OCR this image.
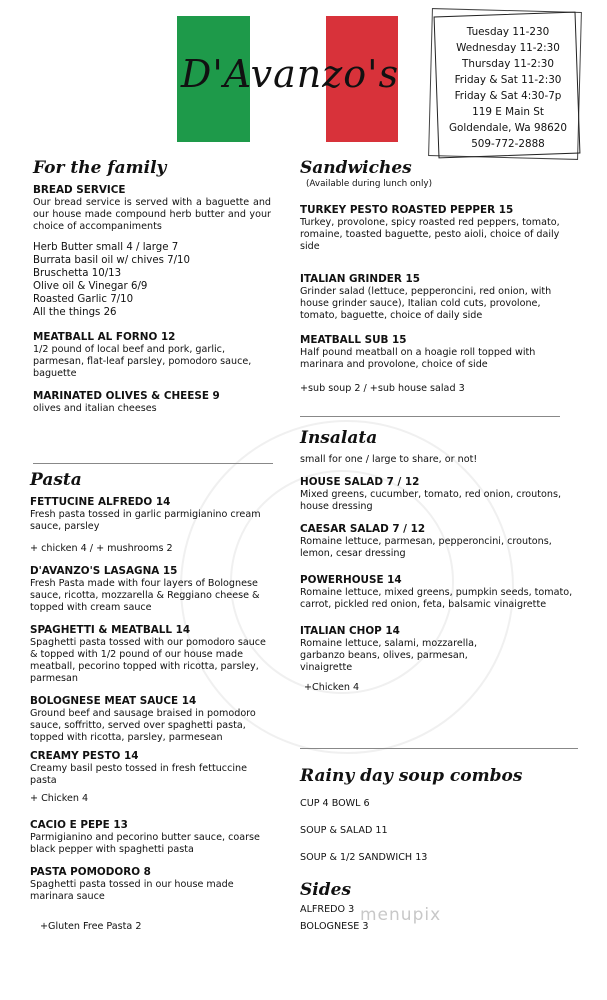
D'Avanzo's
Tuesday 11-230
Wednesday 11-2:30
Thursday 11-2:30
Friday & Sat 11-2:30
Friday & Sat 4:30-7p
119 E Main St
Goldendale, Wa 98620
509-772-2888
For the family
BREAD SERVICE
Our bread service is served with a baguette and our house made compound herb butter and your choice of accompaniments
Herb Butter small 4 / large 7
Burrata basil oil w/ chives 7/10
Bruschetta 10/13
Olive oil & Vinegar 6/9
Roasted Garlic 7/10
All the things 26
MEATBALL AL FORNO 12
1/2 pound of local beef and pork, garlic, parmesan, flat-leaf parsley, pomodoro sauce, baguette
MARINATED OLIVES & CHEESE 9
olives and italian cheeses
Pasta
FETTUCINE ALFREDO 14
Fresh pasta tossed in garlic parmigianino cream sauce, parsley
+ chicken 4 / + mushrooms 2
D'AVANZO'S LASAGNA 15
Fresh Pasta made with four layers of Bolognese sauce, ricotta, mozzarella & Reggiano cheese & topped with cream sauce
SPAGHETTI & MEATBALL 14
Spaghetti pasta tossed with our pomodoro sauce & topped with 1/2 pound of our house made meatball, pecorino topped with ricotta, parsley, parmesan
BOLOGNESE MEAT SAUCE 14
Ground beef and sausage braised in pomodoro sauce, soffritto, served over spaghetti pasta, topped with ricotta, parsley, parmesean
CREAMY PESTO 14
Creamy basil pesto tossed in fresh fettuccine pasta
+ Chicken 4
CACIO E PEPE 13
Parmigianino and pecorino butter sauce, coarse black pepper with spaghetti pasta
PASTA POMODORO 8
Spaghetti pasta tossed in our house made marinara sauce
+Gluten Free Pasta 2
Sandwiches
(Available during lunch only)
TURKEY PESTO ROASTED PEPPER 15
Turkey, provolone, spicy roasted red peppers, tomato, romaine, toasted baguette, pesto aioli, choice of daily side
ITALIAN GRINDER 15
Grinder salad (lettuce, pepperoncini, red onion, with house grinder sauce), Italian cold cuts, provolone, tomato, baguette, choice of daily side
MEATBALL SUB 15
Half pound meatball on a hoagie roll topped with marinara and provolone, choice of side
+sub soup 2 / +sub house salad 3
Insalata
small for one / large to share, or not!
HOUSE SALAD 7 / 12
Mixed greens, cucumber, tomato, red onion, croutons, house dressing
CAESAR SALAD 7 / 12
Romaine lettuce, parmesan, pepperoncini, croutons, lemon, cesar dressing
POWERHOUSE 14
Romaine lettuce, mixed greens, pumpkin seeds, tomato, carrot, pickled red onion, feta, balsamic vinaigrette
ITALIAN CHOP 14
Romaine lettuce, salami, mozzarella, garbanzo beans, olives, parmesan, vinaigrette
+Chicken 4
Rainy day soup combos
CUP 4 BOWL 6
SOUP & SALAD 11
SOUP & 1/2 SANDWICH 13
Sides
ALFREDO 3
BOLOGNESE 3
menupix
